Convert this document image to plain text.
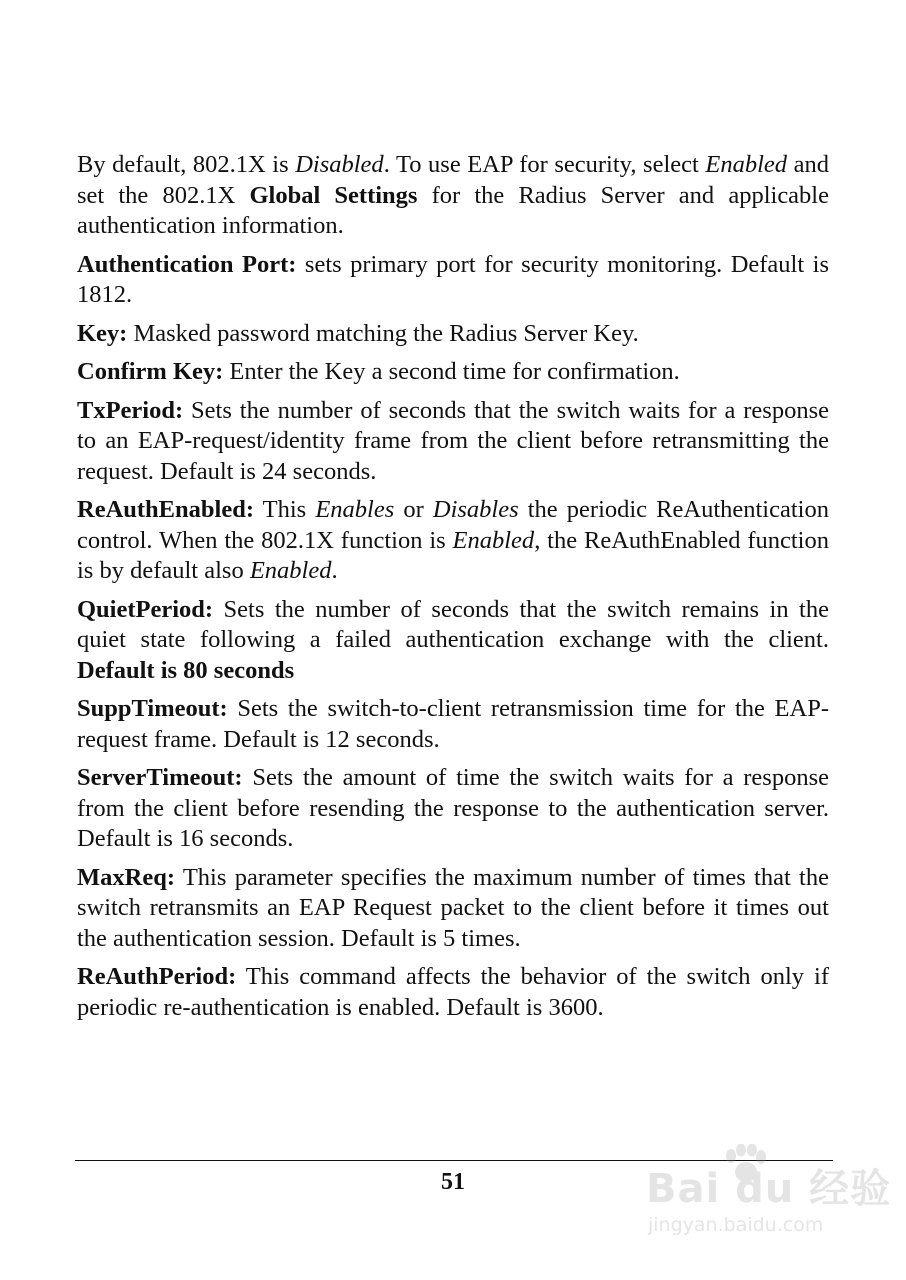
By default, 802.1X is Disabled. To use EAP for security, select Enabled and set the 802.1X Global Settings for the Radius Server and applicable authentication information.

Authentication Port: sets primary port for security monitoring. Default is 1812.

Key: Masked password matching the Radius Server Key.

Confirm Key: Enter the Key a second time for confirmation.

TxPeriod: Sets the number of seconds that the switch waits for a response to an EAP-request/identity frame from the client before retransmitting the request. Default is 24 seconds.

ReAuthEnabled: This Enables or Disables the periodic ReAuthentication control. When the 802.1X function is Enabled, the ReAuthEnabled function is by default also Enabled.

QuietPeriod: Sets the number of seconds that the switch remains in the quiet state following a failed authentication exchange with the client. Default is 80 seconds

SuppTimeout: Sets the switch-to-client retransmission time for the EAP-request frame. Default is 12 seconds.

ServerTimeout: Sets the amount of time the switch waits for a response from the client before resending the response to the authentication server. Default is 16 seconds.

MaxReq: This parameter specifies the maximum number of times that the switch retransmits an EAP Request packet to the client before it times out the authentication session. Default is 5 times.

ReAuthPeriod: This command affects the behavior of the switch only if periodic re-authentication is enabled. Default is 3600.

51	Bai du 经验
jingyan.baidu.com
